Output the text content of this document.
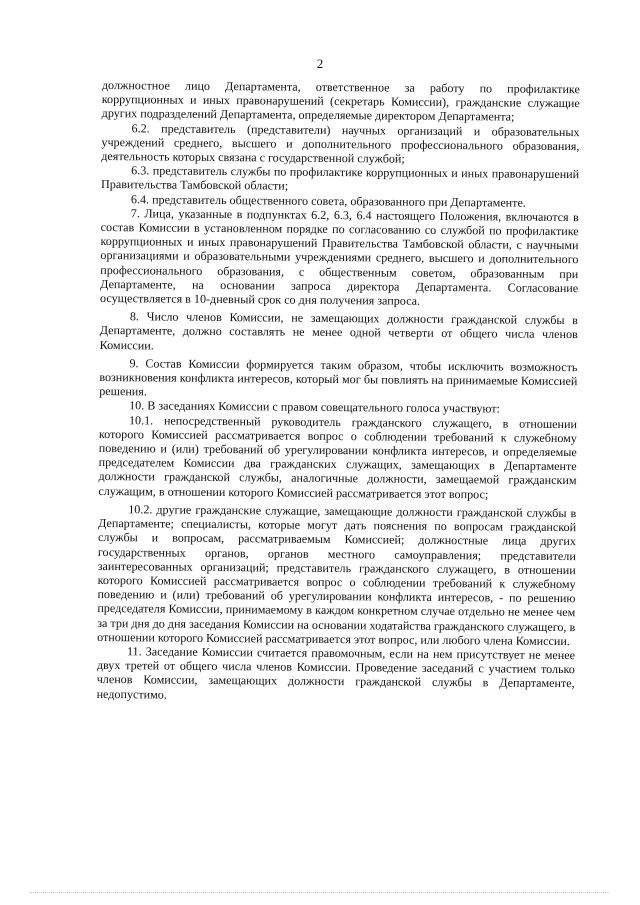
2

должностное лицо Департамента, ответственное за работу по профилактике коррупционных и иных правонарушений (секретарь Комиссии), гражданские служащие других подразделений Департамента, определяемые директором Департамента;

6.2. представитель (представители) научных организаций и образовательных учреждений среднего, высшего и дополнительного профессионального образования, деятельность которых связана с государственной службой;

6.3. представитель службы по профилактике коррупционных и иных правонарушений Правительства Тамбовской области;

6.4. представитель общественного совета, образованного при Департаменте.

7. Лица, указанные в подпунктах 6.2, 6.3, 6.4 настоящего Положения, включаются в состав Комиссии в установленном порядке по согласованию со службой по профилактике коррупционных и иных правонарушений Правительства Тамбовской области, с научными организациями и образовательными учреждениями среднего, высшего и дополнительного профессионального образования, с общественным советом, образованным при Департаменте, на основании запроса директора Департамента. Согласование осуществляется в 10-дневный срок со дня получения запроса.

8. Число членов Комиссии, не замещающих должности гражданской службы в Департаменте, должно составлять не менее одной четверти от общего числа членов Комиссии.

9. Состав Комиссии формируется таким образом, чтобы исключить возможность возникновения конфликта интересов, который мог бы повлиять на принимаемые Комиссией решения.

10. В заседаниях Комиссии с правом совещательного голоса участвуют:

10.1. непосредственный руководитель гражданского служащего, в отношении которого Комиссией рассматривается вопрос о соблюдении требований к служебному поведению и (или) требований об урегулировании конфликта интересов, и определяемые председателем Комиссии два гражданских служащих, замещающих в Департаменте должности гражданской службы, аналогичные должности, замещаемой гражданским служащим, в отношении которого Комиссией рассматривается этот вопрос;

10.2. другие гражданские служащие, замещающие должности гражданской службы в Департаменте; специалисты, которые могут дать пояснения по вопросам гражданской службы и вопросам, рассматриваемым Комиссией; должностные лица других государственных органов, органов местного самоуправления; представители заинтересованных организаций; представитель гражданского служащего, в отношении которого Комиссией рассматривается вопрос о соблюдении требований к служебному поведению и (или) требований об урегулировании конфликта интересов, - по решению председателя Комиссии, принимаемому в каждом конкретном случае отдельно не менее чем за три дня до дня заседания Комиссии на основании ходатайства гражданского служащего, в отношении которого Комиссией рассматривается этот вопрос, или любого члена Комиссии.

11. Заседание Комиссии считается правомочным, если на нем присутствует не менее двух третей от общего числа членов Комиссии. Проведение заседаний с участием только членов Комиссии, замещающих должности гражданской службы в Департаменте, недопустимо.
